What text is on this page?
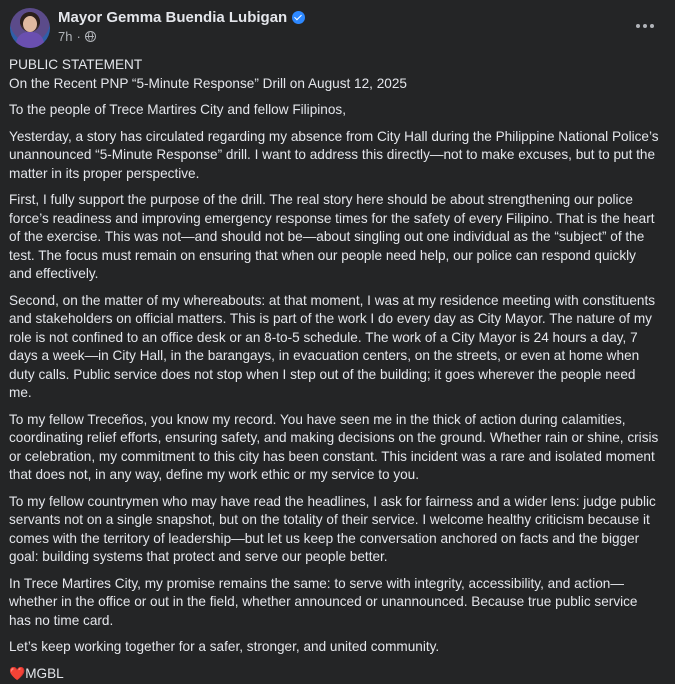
Mayor Gemma Buendia Lubigan
7h ·

PUBLIC STATEMENT
On the Recent PNP “5-Minute Response” Drill on August 12, 2025

To the people of Trece Martires City and fellow Filipinos,

Yesterday, a story has circulated regarding my absence from City Hall during the Philippine National Police’s unannounced “5-Minute Response” drill. I want to address this directly—not to make excuses, but to put the matter in its proper perspective.

First, I fully support the purpose of the drill. The real story here should be about strengthening our police force’s readiness and improving emergency response times for the safety of every Filipino. That is the heart of the exercise. This was not—and should not be—about singling out one individual as the “subject” of the test. The focus must remain on ensuring that when our people need help, our police can respond quickly and effectively.

Second, on the matter of my whereabouts: at that moment, I was at my residence meeting with constituents and stakeholders on official matters. This is part of the work I do every day as City Mayor. The nature of my role is not confined to an office desk or an 8-to-5 schedule. The work of a City Mayor is 24 hours a day, 7 days a week—in City Hall, in the barangays, in evacuation centers, on the streets, or even at home when duty calls. Public service does not stop when I step out of the building; it goes wherever the people need me.

To my fellow Treceños, you know my record. You have seen me in the thick of action during calamities, coordinating relief efforts, ensuring safety, and making decisions on the ground. Whether rain or shine, crisis or celebration, my commitment to this city has been constant. This incident was a rare and isolated moment that does not, in any way, define my work ethic or my service to you.

To my fellow countrymen who may have read the headlines, I ask for fairness and a wider lens: judge public servants not on a single snapshot, but on the totality of their service. I welcome healthy criticism because it comes with the territory of leadership—but let us keep the conversation anchored on facts and the bigger goal: building systems that protect and serve our people better.

In Trece Martires City, my promise remains the same: to serve with integrity, accessibility, and action—whether in the office or out in the field, whether announced or unannounced. Because true public service has no time card.

Let’s keep working together for a safer, stronger, and united community.

❤️MGBL
